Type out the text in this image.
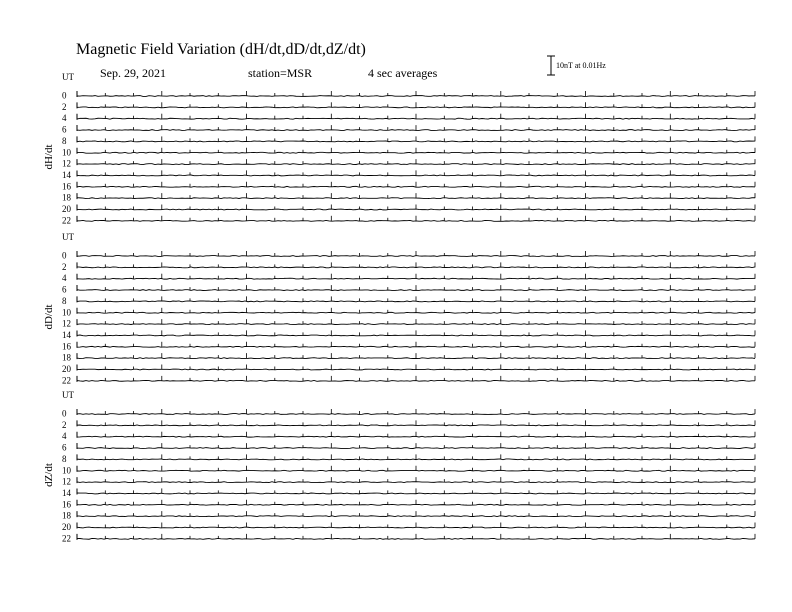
Magnetic Field Variation (dH/dt,dD/dt,dZ/dt)
Sep. 29, 2021	station=MSR	4 sec averages
10nT at 0.01Hz
UT
dH/dt
0
2
4
6
8
10
12
14
16
18
20
22
UT
dD/dt
0
2
4
6
8
10
12
14
16
18
20
22
UT
dZ/dt
0
2
4
6
8
10
12
14
16
18
20
22
